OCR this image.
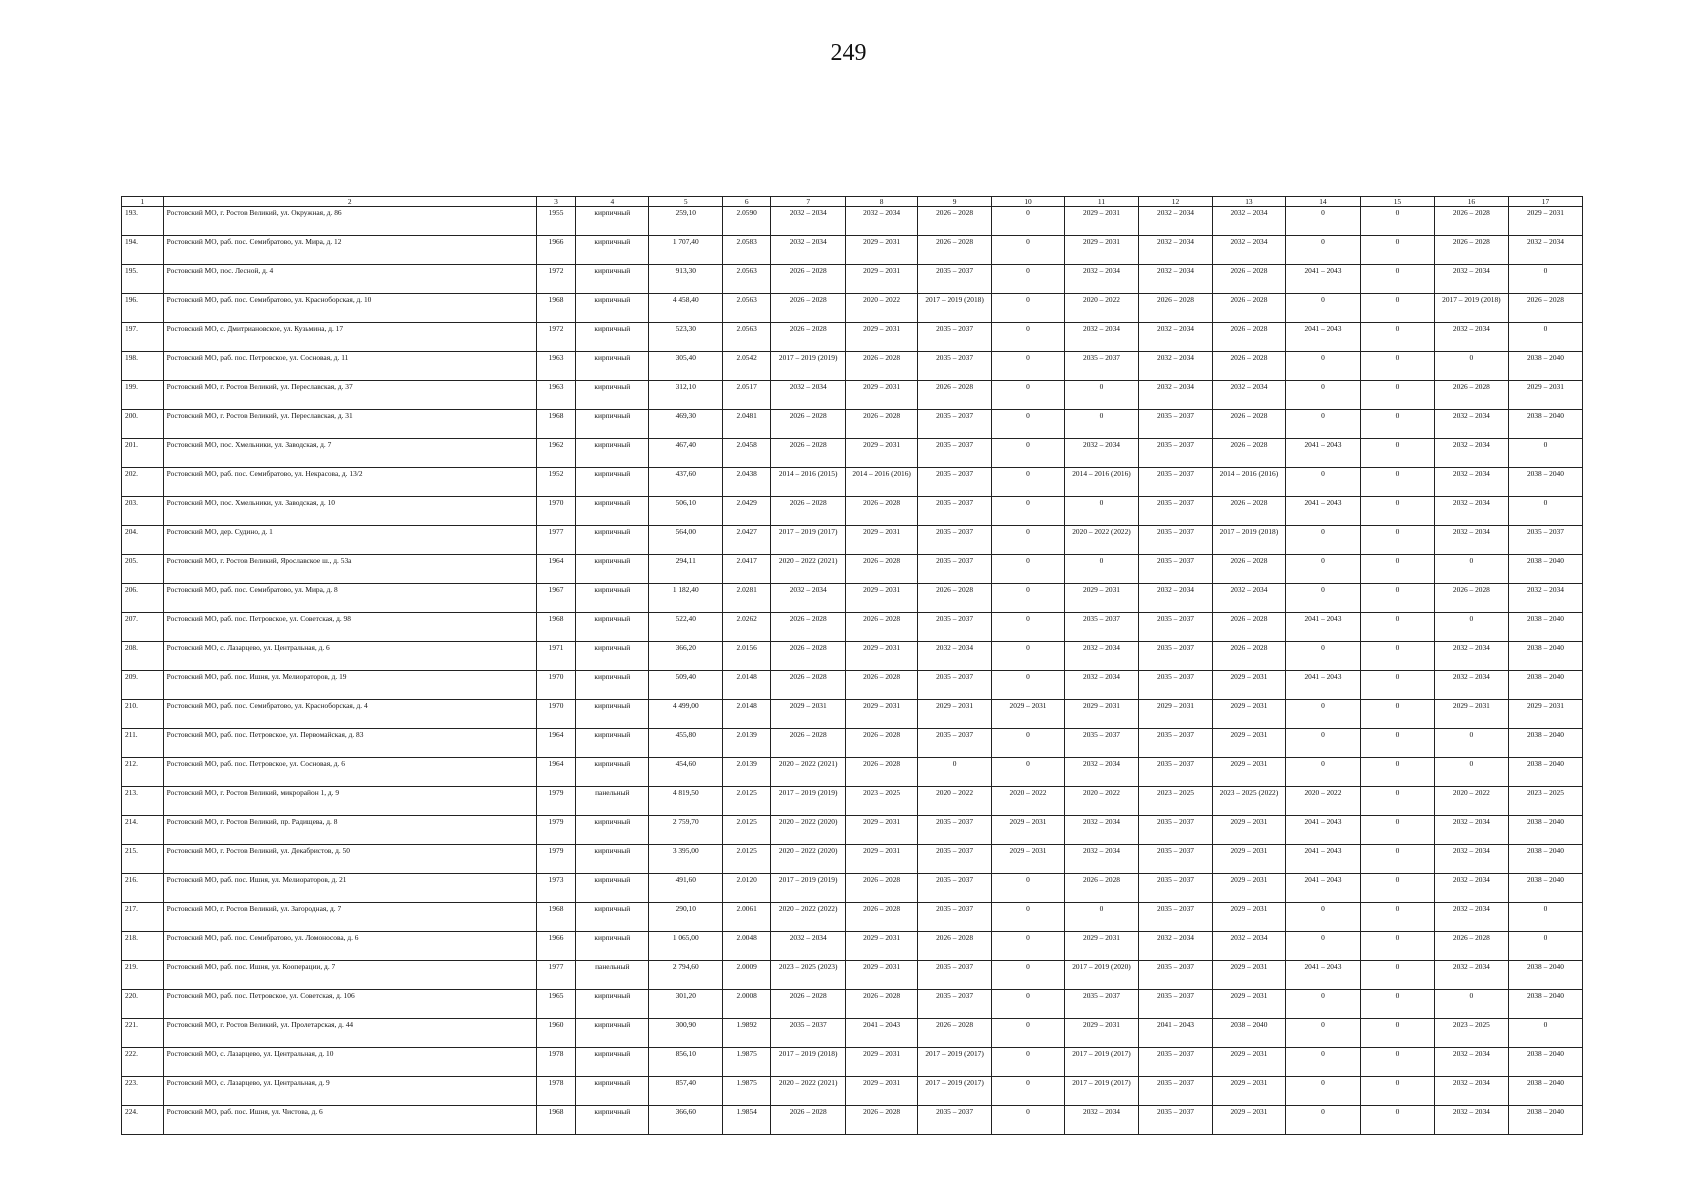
249
1	2	3	4	5	6	7	8	9	10	11	12	13	14	15	16	17
193.	Ростовский МО, г. Ростов Великий, ул. Окружная, д. 86	1955	кирпичный	259,10	2.0590	2032 – 2034	2032 – 2034	2026 – 2028	0	2029 – 2031	2032 – 2034	2032 – 2034	0	0	2026 – 2028	2029 – 2031
194.	Ростовский МО, раб. пос. Семибратово, ул. Мира, д. 12	1966	кирпичный	1 707,40	2.0583	2032 – 2034	2029 – 2031	2026 – 2028	0	2029 – 2031	2032 – 2034	2032 – 2034	0	0	2026 – 2028	2032 – 2034
195.	Ростовский МО, пос. Лесной, д. 4	1972	кирпичный	913,30	2.0563	2026 – 2028	2029 – 2031	2035 – 2037	0	2032 – 2034	2032 – 2034	2026 – 2028	2041 – 2043	0	2032 – 2034	0
196.	Ростовский МО, раб. пос. Семибратово, ул. Красноборская, д. 10	1968	кирпичный	4 458,40	2.0563	2026 – 2028	2020 – 2022	2017 – 2019 (2018)	0	2020 – 2022	2026 – 2028	2026 – 2028	0	0	2017 – 2019 (2018)	2026 – 2028
197.	Ростовский МО, с. Дмитриановское, ул. Кузьмина, д. 17	1972	кирпичный	523,30	2.0563	2026 – 2028	2029 – 2031	2035 – 2037	0	2032 – 2034	2032 – 2034	2026 – 2028	2041 – 2043	0	2032 – 2034	0
198.	Ростовский МО, раб. пос. Петровское, ул. Сосновая, д. 11	1963	кирпичный	305,40	2.0542	2017 – 2019 (2019)	2026 – 2028	2035 – 2037	0	2035 – 2037	2032 – 2034	2026 – 2028	0	0	0	2038 – 2040
199.	Ростовский МО, г. Ростов Великий, ул. Переславская, д. 37	1963	кирпичный	312,10	2.0517	2032 – 2034	2029 – 2031	2026 – 2028	0	0	2032 – 2034	2032 – 2034	0	0	2026 – 2028	2029 – 2031
200.	Ростовский МО, г. Ростов Великий, ул. Переславская, д. 31	1968	кирпичный	469,30	2.0481	2026 – 2028	2026 – 2028	2035 – 2037	0	0	2035 – 2037	2026 – 2028	0	0	2032 – 2034	2038 – 2040
201.	Ростовский МО, пос. Хмельники, ул. Заводская, д. 7	1962	кирпичный	467,40	2.0458	2026 – 2028	2029 – 2031	2035 – 2037	0	2032 – 2034	2035 – 2037	2026 – 2028	2041 – 2043	0	2032 – 2034	0
202.	Ростовский МО, раб. пос. Семибратово, ул. Некрасова, д. 13/2	1952	кирпичный	437,60	2.0438	2014 – 2016 (2015)	2014 – 2016 (2016)	2035 – 2037	0	2014 – 2016 (2016)	2035 – 2037	2014 – 2016 (2016)	0	0	2032 – 2034	2038 – 2040
203.	Ростовский МО, пос. Хмельники, ул. Заводская, д. 10	1970	кирпичный	506,10	2.0429	2026 – 2028	2026 – 2028	2035 – 2037	0	0	2035 – 2037	2026 – 2028	2041 – 2043	0	2032 – 2034	0
204.	Ростовский МО, дер. Судино, д. 1	1977	кирпичный	564,00	2.0427	2017 – 2019 (2017)	2029 – 2031	2035 – 2037	0	2020 – 2022 (2022)	2035 – 2037	2017 – 2019 (2018)	0	0	2032 – 2034	2035 – 2037
205.	Ростовский МО, г. Ростов Великий, Ярославское ш., д. 53а	1964	кирпичный	294,11	2.0417	2020 – 2022 (2021)	2026 – 2028	2035 – 2037	0	0	2035 – 2037	2026 – 2028	0	0	0	2038 – 2040
206.	Ростовский МО, раб. пос. Семибратово, ул. Мира, д. 8	1967	кирпичный	1 182,40	2.0281	2032 – 2034	2029 – 2031	2026 – 2028	0	2029 – 2031	2032 – 2034	2032 – 2034	0	0	2026 – 2028	2032 – 2034
207.	Ростовский МО, раб. пос. Петровское, ул. Советская, д. 98	1968	кирпичный	522,40	2.0262	2026 – 2028	2026 – 2028	2035 – 2037	0	2035 – 2037	2035 – 2037	2026 – 2028	2041 – 2043	0	0	2038 – 2040
208.	Ростовский МО, с. Лазарцево, ул. Центральная, д. 6	1971	кирпичный	366,20	2.0156	2026 – 2028	2029 – 2031	2032 – 2034	0	2032 – 2034	2035 – 2037	2026 – 2028	0	0	2032 – 2034	2038 – 2040
209.	Ростовский МО, раб. пос. Ишня, ул. Мелиораторов, д. 19	1970	кирпичный	509,40	2.0148	2026 – 2028	2026 – 2028	2035 – 2037	0	2032 – 2034	2035 – 2037	2029 – 2031	2041 – 2043	0	2032 – 2034	2038 – 2040
210.	Ростовский МО, раб. пос. Семибратово, ул. Красноборская, д. 4	1970	кирпичный	4 499,00	2.0148	2029 – 2031	2029 – 2031	2029 – 2031	2029 – 2031	2029 – 2031	2029 – 2031	2029 – 2031	0	0	2029 – 2031	2029 – 2031
211.	Ростовский МО, раб. пос. Петровское, ул. Первомайская, д. 83	1964	кирпичный	455,80	2.0139	2026 – 2028	2026 – 2028	2035 – 2037	0	2035 – 2037	2035 – 2037	2029 – 2031	0	0	0	2038 – 2040
212.	Ростовский МО, раб. пос. Петровское, ул. Сосновая, д. 6	1964	кирпичный	454,60	2.0139	2020 – 2022 (2021)	2026 – 2028	0	0	2032 – 2034	2035 – 2037	2029 – 2031	0	0	0	2038 – 2040
213.	Ростовский МО, г. Ростов Великий, микрорайон 1, д. 9	1979	панельный	4 819,50	2.0125	2017 – 2019 (2019)	2023 – 2025	2020 – 2022	2020 – 2022	2020 – 2022	2023 – 2025	2023 – 2025 (2022)	2020 – 2022	0	2020 – 2022	2023 – 2025
214.	Ростовский МО, г. Ростов Великий, пр. Радищева, д. 8	1979	кирпичный	2 759,70	2.0125	2020 – 2022 (2020)	2029 – 2031	2035 – 2037	2029 – 2031	2032 – 2034	2035 – 2037	2029 – 2031	2041 – 2043	0	2032 – 2034	2038 – 2040
215.	Ростовский МО, г. Ростов Великий, ул. Декабристов, д. 50	1979	кирпичный	3 395,00	2.0125	2020 – 2022 (2020)	2029 – 2031	2035 – 2037	2029 – 2031	2032 – 2034	2035 – 2037	2029 – 2031	2041 – 2043	0	2032 – 2034	2038 – 2040
216.	Ростовский МО, раб. пос. Ишня, ул. Мелиораторов, д. 21	1973	кирпичный	491,60	2.0120	2017 – 2019 (2019)	2026 – 2028	2035 – 2037	0	2026 – 2028	2035 – 2037	2029 – 2031	2041 – 2043	0	2032 – 2034	2038 – 2040
217.	Ростовский МО, г. Ростов Великий, ул. Загородная, д. 7	1968	кирпичный	290,10	2.0061	2020 – 2022 (2022)	2026 – 2028	2035 – 2037	0	0	2035 – 2037	2029 – 2031	0	0	2032 – 2034	0
218.	Ростовский МО, раб. пос. Семибратово, ул. Ломоносова, д. 6	1966	кирпичный	1 065,00	2.0048	2032 – 2034	2029 – 2031	2026 – 2028	0	2029 – 2031	2032 – 2034	2032 – 2034	0	0	2026 – 2028	0
219.	Ростовский МО, раб. пос. Ишня, ул. Кооперации, д. 7	1977	панельный	2 794,60	2.0009	2023 – 2025 (2023)	2029 – 2031	2035 – 2037	0	2017 – 2019 (2020)	2035 – 2037	2029 – 2031	2041 – 2043	0	2032 – 2034	2038 – 2040
220.	Ростовский МО, раб. пос. Петровское, ул. Советская, д. 106	1965	кирпичный	301,20	2.0008	2026 – 2028	2026 – 2028	2035 – 2037	0	2035 – 2037	2035 – 2037	2029 – 2031	0	0	0	2038 – 2040
221.	Ростовский МО, г. Ростов Великий, ул. Пролетарская, д. 44	1960	кирпичный	300,90	1.9892	2035 – 2037	2041 – 2043	2026 – 2028	0	2029 – 2031	2041 – 2043	2038 – 2040	0	0	2023 – 2025	0
222.	Ростовский МО, с. Лазарцево, ул. Центральная, д. 10	1978	кирпичный	856,10	1.9875	2017 – 2019 (2018)	2029 – 2031	2017 – 2019 (2017)	0	2017 – 2019 (2017)	2035 – 2037	2029 – 2031	0	0	2032 – 2034	2038 – 2040
223.	Ростовский МО, с. Лазарцево, ул. Центральная, д. 9	1978	кирпичный	857,40	1.9875	2020 – 2022 (2021)	2029 – 2031	2017 – 2019 (2017)	0	2017 – 2019 (2017)	2035 – 2037	2029 – 2031	0	0	2032 – 2034	2038 – 2040
224.	Ростовский МО, раб. пос. Ишня, ул. Чистова, д. 6	1968	кирпичный	366,60	1.9854	2026 – 2028	2026 – 2028	2035 – 2037	0	2032 – 2034	2035 – 2037	2029 – 2031	0	0	2032 – 2034	2038 – 2040
